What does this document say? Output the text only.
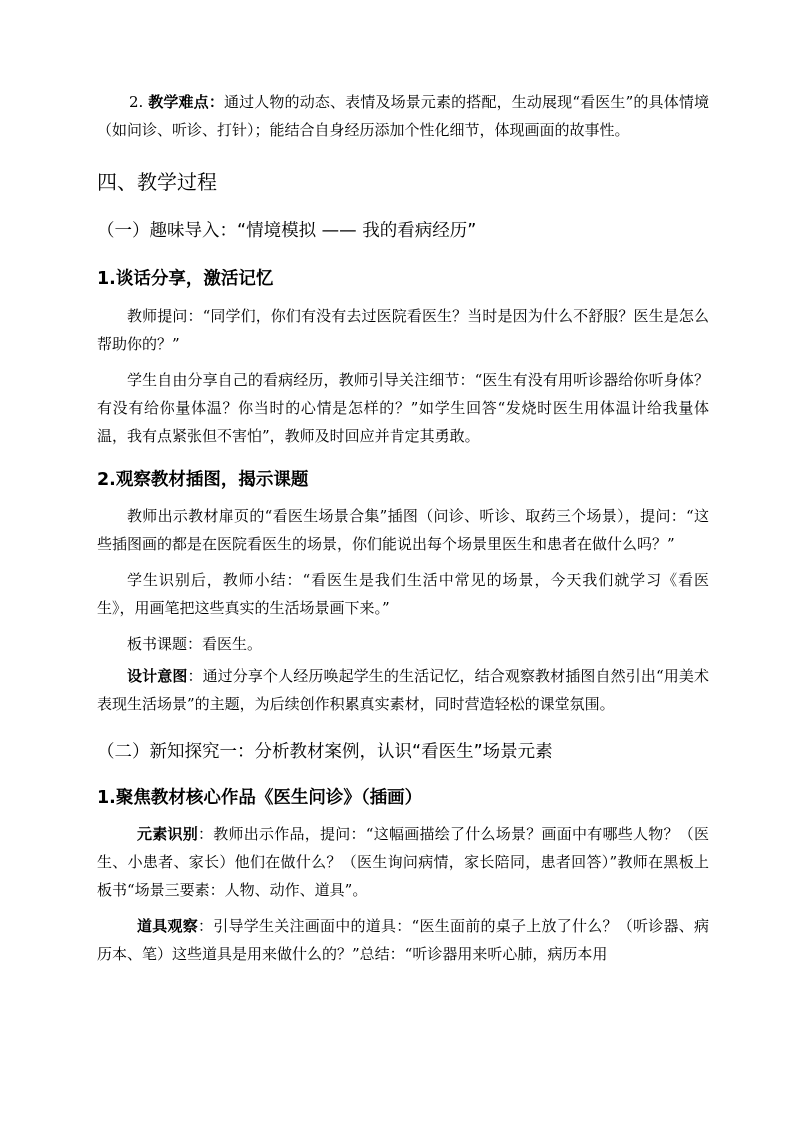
2. 教学难点：通过人物的动态、表情及场景元素的搭配，生动展现“看医生”的具体情境（如问诊、听诊、打针）；能结合自身经历添加个性化细节，体现画面的故事性。

四、教学过程
（一）趣味导入：“情境模拟 —— 我的看病经历”
1.谈话分享，激活记忆

教师提问：“同学们，你们有没有去过医院看医生？当时是因为什么不舒服？医生是怎么帮助你的？”

学生自由分享自己的看病经历，教师引导关注细节：“医生有没有用听诊器给你听身体？有没有给你量体温？你当时的心情是怎样的？”如学生回答“发烧时医生用体温计给我量体温，我有点紧张但不害怕”，教师及时回应并肯定其勇敢。

2.观察教材插图，揭示课题

教师出示教材扉页的“看医生场景合集”插图（问诊、听诊、取药三个场景），提问：“这些插图画的都是在医院看医生的场景，你们能说出每个场景里医生和患者在做什么吗？”

学生识别后，教师小结：“看医生是我们生活中常见的场景，今天我们就学习《看医生》，用画笔把这些真实的生活场景画下来。”

板书课题：看医生。

设计意图：通过分享个人经历唤起学生的生活记忆，结合观察教材插图自然引出“用美术表现生活场景”的主题，为后续创作积累真实素材，同时营造轻松的课堂氛围。

（二）新知探究一：分析教材案例，认识“看医生”场景元素
1.聚焦教材核心作品《医生问诊》（插画）

元素识别：教师出示作品，提问：“这幅画描绘了什么场景？画面中有哪些人物？（医生、小患者、家长）他们在做什么？（医生询问病情，家长陪同，患者回答）”教师在黑板上板书“场景三要素：人物、动作、道具”。

道具观察：引导学生关注画面中的道具：“医生面前的桌子上放了什么？（听诊器、病历本、笔）这些道具是用来做什么的？”总结：“听诊器用来听心肺，病历本用
